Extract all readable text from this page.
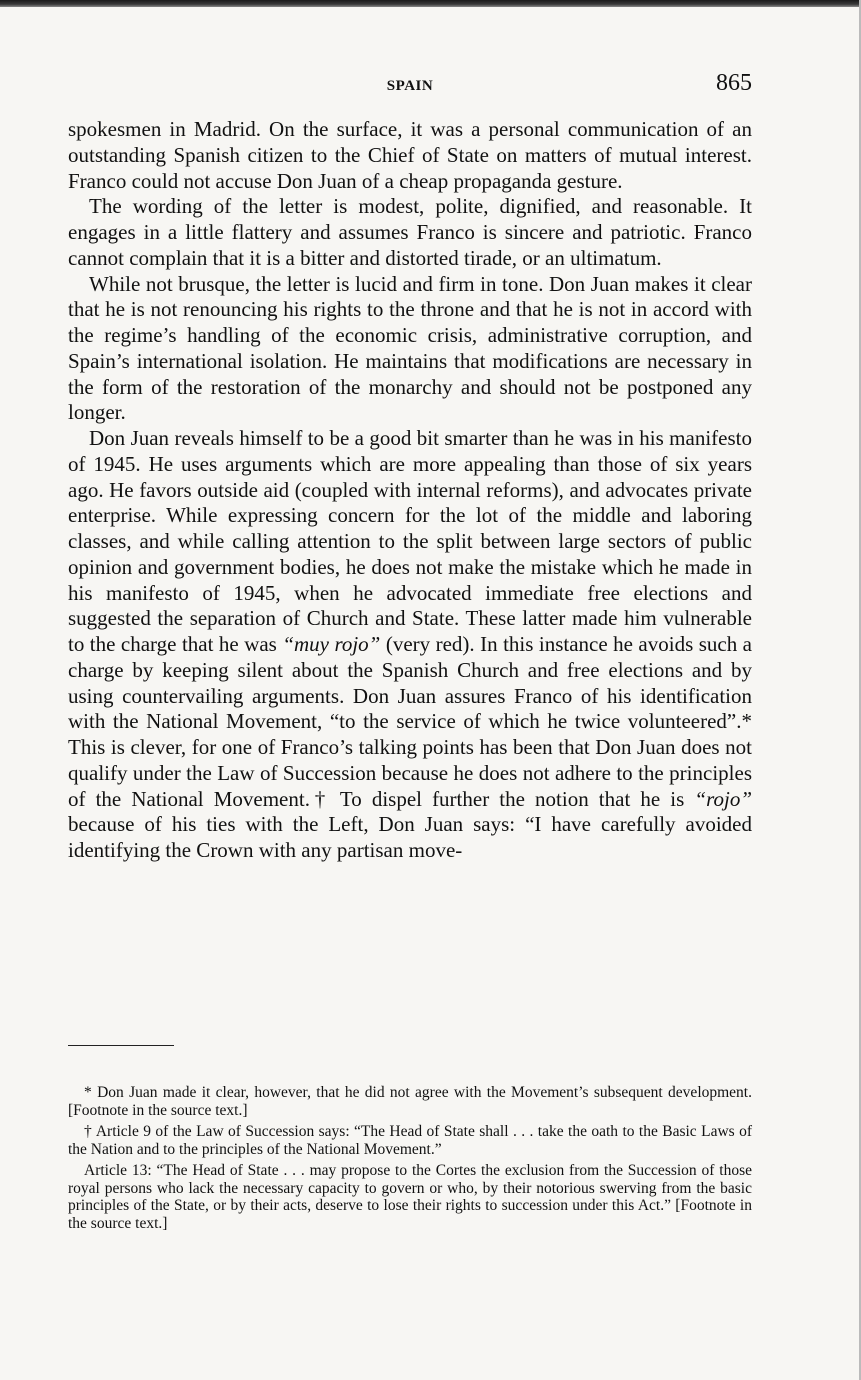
SPAIN	865

spokesmen in Madrid. On the surface, it was a personal communication of an outstanding Spanish citizen to the Chief of State on matters of mutual interest. Franco could not accuse Don Juan of a cheap propaganda gesture.

The wording of the letter is modest, polite, dignified, and reasonable. It engages in a little flattery and assumes Franco is sincere and patriotic. Franco cannot complain that it is a bitter and distorted tirade, or an ultimatum.

While not brusque, the letter is lucid and firm in tone. Don Juan makes it clear that he is not renouncing his rights to the throne and that he is not in accord with the regime’s handling of the economic crisis, administrative corruption, and Spain’s international isolation. He maintains that modifications are necessary in the form of the restoration of the monarchy and should not be postponed any longer.

Don Juan reveals himself to be a good bit smarter than he was in his manifesto of 1945. He uses arguments which are more appealing than those of six years ago. He favors outside aid (coupled with internal reforms), and advocates private enterprise. While expressing concern for the lot of the middle and laboring classes, and while calling attention to the split between large sectors of public opinion and government bodies, he does not make the mistake which he made in his manifesto of 1945, when he advocated immediate free elections and suggested the separation of Church and State. These latter made him vulnerable to the charge that he was “muy rojo” (very red). In this instance he avoids such a charge by keeping silent about the Spanish Church and free elections and by using countervailing arguments. Don Juan assures Franco of his identification with the National Movement, “to the service of which he twice volunteered”.* This is clever, for one of Franco’s talking points has been that Don Juan does not qualify under the Law of Succession because he does not adhere to the principles of the National Movement.† To dispel further the notion that he is “rojo” because of his ties with the Left, Don Juan says: “I have carefully avoided identifying the Crown with any partisan move-

* Don Juan made it clear, however, that he did not agree with the Movement’s subsequent development. [Footnote in the source text.]

† Article 9 of the Law of Succession says: “The Head of State shall . . . take the oath to the Basic Laws of the Nation and to the principles of the National Movement.”

Article 13: “The Head of State . . . may propose to the Cortes the exclusion from the Succession of those royal persons who lack the necessary capacity to govern or who, by their notorious swerving from the basic principles of the State, or by their acts, deserve to lose their rights to succession under this Act.” [Footnote in the source text.]
